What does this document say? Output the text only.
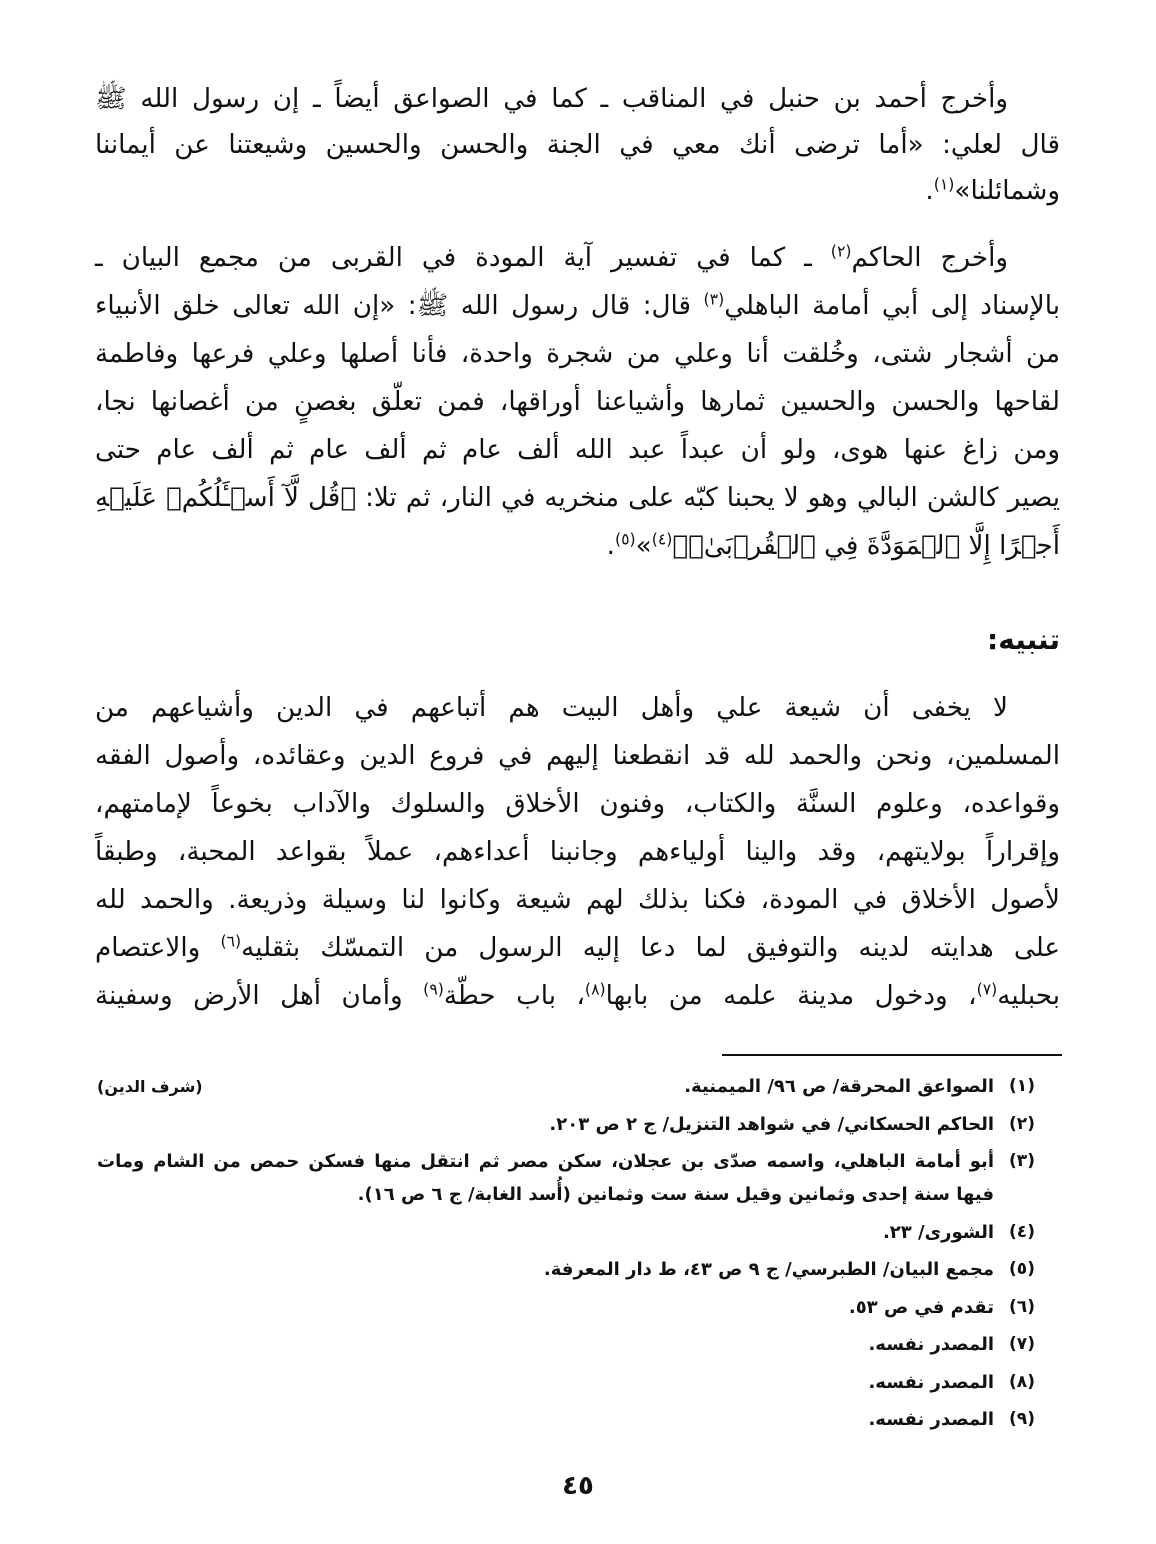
وأخرج أحمد بن حنبل في المناقب ـ كما في الصواعق أيضاً ـ إن رسول الله ﷺ
قال لعلي: «أما ترضى أنك معي في الجنة والحسن والحسين وشيعتنا عن أيماننا
وشمائلنا»$^{(١)}$.
وأخرج الحاكم$^{(٢)}$ ـ كما في تفسير آية المودة في القربى من مجمع البيان ـ
بالإسناد إلى أبي أمامة الباهلي$^{(٣)}$ قال: قال رسول الله ﷺ: «إن الله تعالى خلق الأنبياء
من أشجار شتى، وخُلقت أنا وعلي من شجرة واحدة، فأنا أصلها وعلي فرعها وفاطمة
لقاحها والحسن والحسين ثمارها وأشياعنا أوراقها، فمن تعلّق بغصنٍ من أغصانها نجا،
ومن زاغ عنها هوى، ولو أن عبداً عبد الله ألف عام ثم ألف عام ثم ألف عام حتى
يصير كالشن البالي وهو لا يحبنا كبّه على منخريه في النار، ثم تلا: ﴿قُل لَّآ أَسۡـَٔلُكُمۡ عَلَيۡهِ
أَجۡرًا إِلَّا ٱلۡمَوَدَّةَ فِي ٱلۡقُرۡبَىٰۗ﴾$^{(٤)}$»$^{(٥)}$.
تنبيه:
لا يخفى أن شيعة علي وأهل البيت هم أتباعهم في الدين وأشياعهم من
المسلمين، ونحن والحمد لله قد انقطعنا إليهم في فروع الدين وعقائده، وأصول الفقه
وقواعده، وعلوم السنَّة والكتاب، وفنون الأخلاق والسلوك والآداب بخوعاً لإمامتهم،
وإقراراً بولايتهم، وقد والينا أولياءهم وجانبنا أعداءهم، عملاً بقواعد المحبة، وطبقاً
لأصول الأخلاق في المودة، فكنا بذلك لهم شيعة وكانوا لنا وسيلة وذريعة. والحمد لله
على هدايته لدينه والتوفيق لما دعا إليه الرسول من التمسّك بثقليه$^{(٦)}$ والاعتصام
بحبليه$^{(٧)}$، ودخول مدينة علمه من بابها$^{(٨)}$، باب حطّة$^{(٩)}$ وأمان أهل الأرض وسفينة
(شرف الدين)	(١)
الصواعق المحرقة/ ص ٩٦/ الميمنية.
(٢)
الحاكم الحسكاني/ في شواهد التنزيل/ ج ٢ ص ٢٠٣.
(٣)
أبو أمامة الباهلي، واسمه صدّى بن عجلان، سكن مصر ثم انتقل منها فسكن حمص من الشام ومات
فيها سنة إحدى وثمانين وقيل سنة ست وثمانين (أُسد الغابة/ ج ٦ ص ١٦).
(٤)
الشورى/ ٢٣.
(٥)
مجمع البيان/ الطبرسي/ ج ٩ ص ٤٣، ط دار المعرفة.
(٦)
تقدم في ص ٥٣.
(٧)
المصدر نفسه.
(٨)
المصدر نفسه.
(٩)
المصدر نفسه.
٤٥
